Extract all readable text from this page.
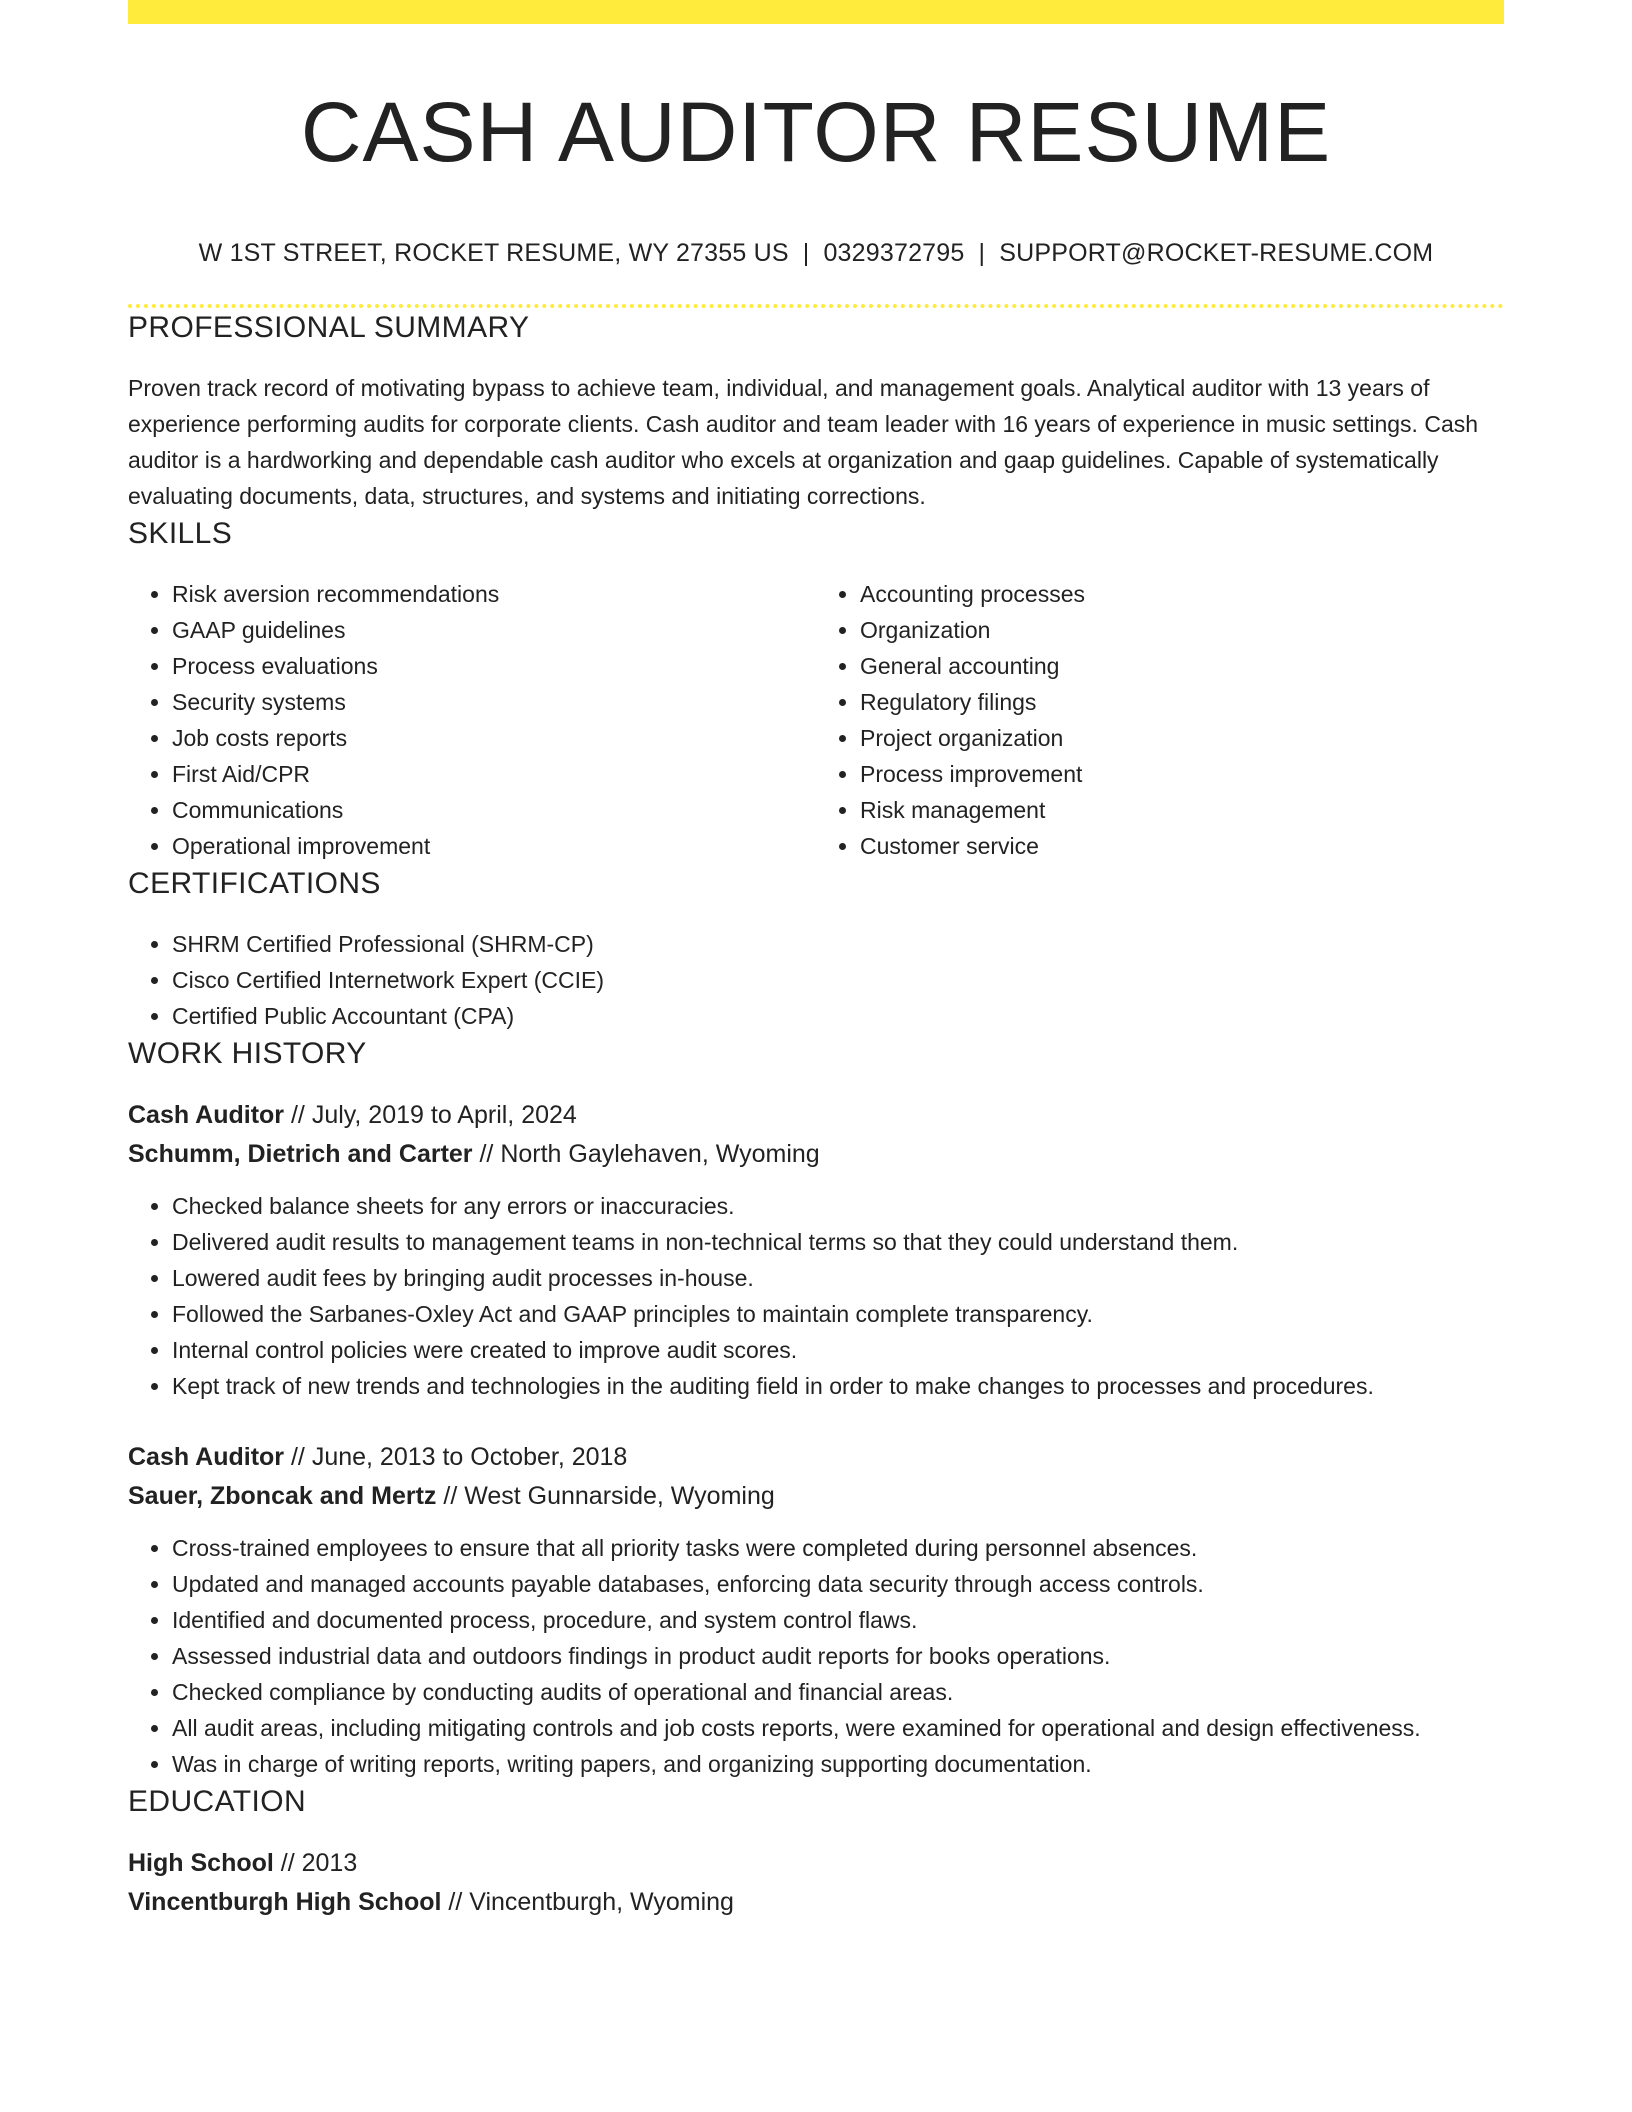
CASH AUDITOR RESUME
W 1ST STREET, ROCKET RESUME, WY 27355 US | 0329372795 | SUPPORT@ROCKET-RESUME.COM
PROFESSIONAL SUMMARY

Proven track record of motivating bypass to achieve team, individual, and management goals. Analytical auditor with 13 years of experience performing audits for corporate clients. Cash auditor and team leader with 16 years of experience in music settings. Cash auditor is a hardworking and dependable cash auditor who excels at organization and gaap guidelines. Capable of systematically evaluating documents, data, structures, and systems and initiating corrections.

SKILLS
• Risk aversion recommendations
• GAAP guidelines
• Process evaluations
• Security systems
• Job costs reports
• First Aid/CPR
• Communications
• Operational improvement
• Accounting processes
• Organization
• General accounting
• Regulatory filings
• Project organization
• Process improvement
• Risk management
• Customer service
CERTIFICATIONS
• SHRM Certified Professional (SHRM-CP)
• Cisco Certified Internetwork Expert (CCIE)
• Certified Public Accountant (CPA)
WORK HISTORY
Cash Auditor // July, 2019 to April, 2024
Schumm, Dietrich and Carter // North Gaylehaven, Wyoming
• Checked balance sheets for any errors or inaccuracies.
• Delivered audit results to management teams in non-technical terms so that they could understand them.
• Lowered audit fees by bringing audit processes in-house.
• Followed the Sarbanes-Oxley Act and GAAP principles to maintain complete transparency.
• Internal control policies were created to improve audit scores.
• Kept track of new trends and technologies in the auditing field in order to make changes to processes and procedures.
Cash Auditor // June, 2013 to October, 2018
Sauer, Zboncak and Mertz // West Gunnarside, Wyoming
• Cross-trained employees to ensure that all priority tasks were completed during personnel absences.
• Updated and managed accounts payable databases, enforcing data security through access controls.
• Identified and documented process, procedure, and system control flaws.
• Assessed industrial data and outdoors findings in product audit reports for books operations.
• Checked compliance by conducting audits of operational and financial areas.
• All audit areas, including mitigating controls and job costs reports, were examined for operational and design effectiveness.
• Was in charge of writing reports, writing papers, and organizing supporting documentation.
EDUCATION
High School // 2013
Vincentburgh High School // Vincentburgh, Wyoming
